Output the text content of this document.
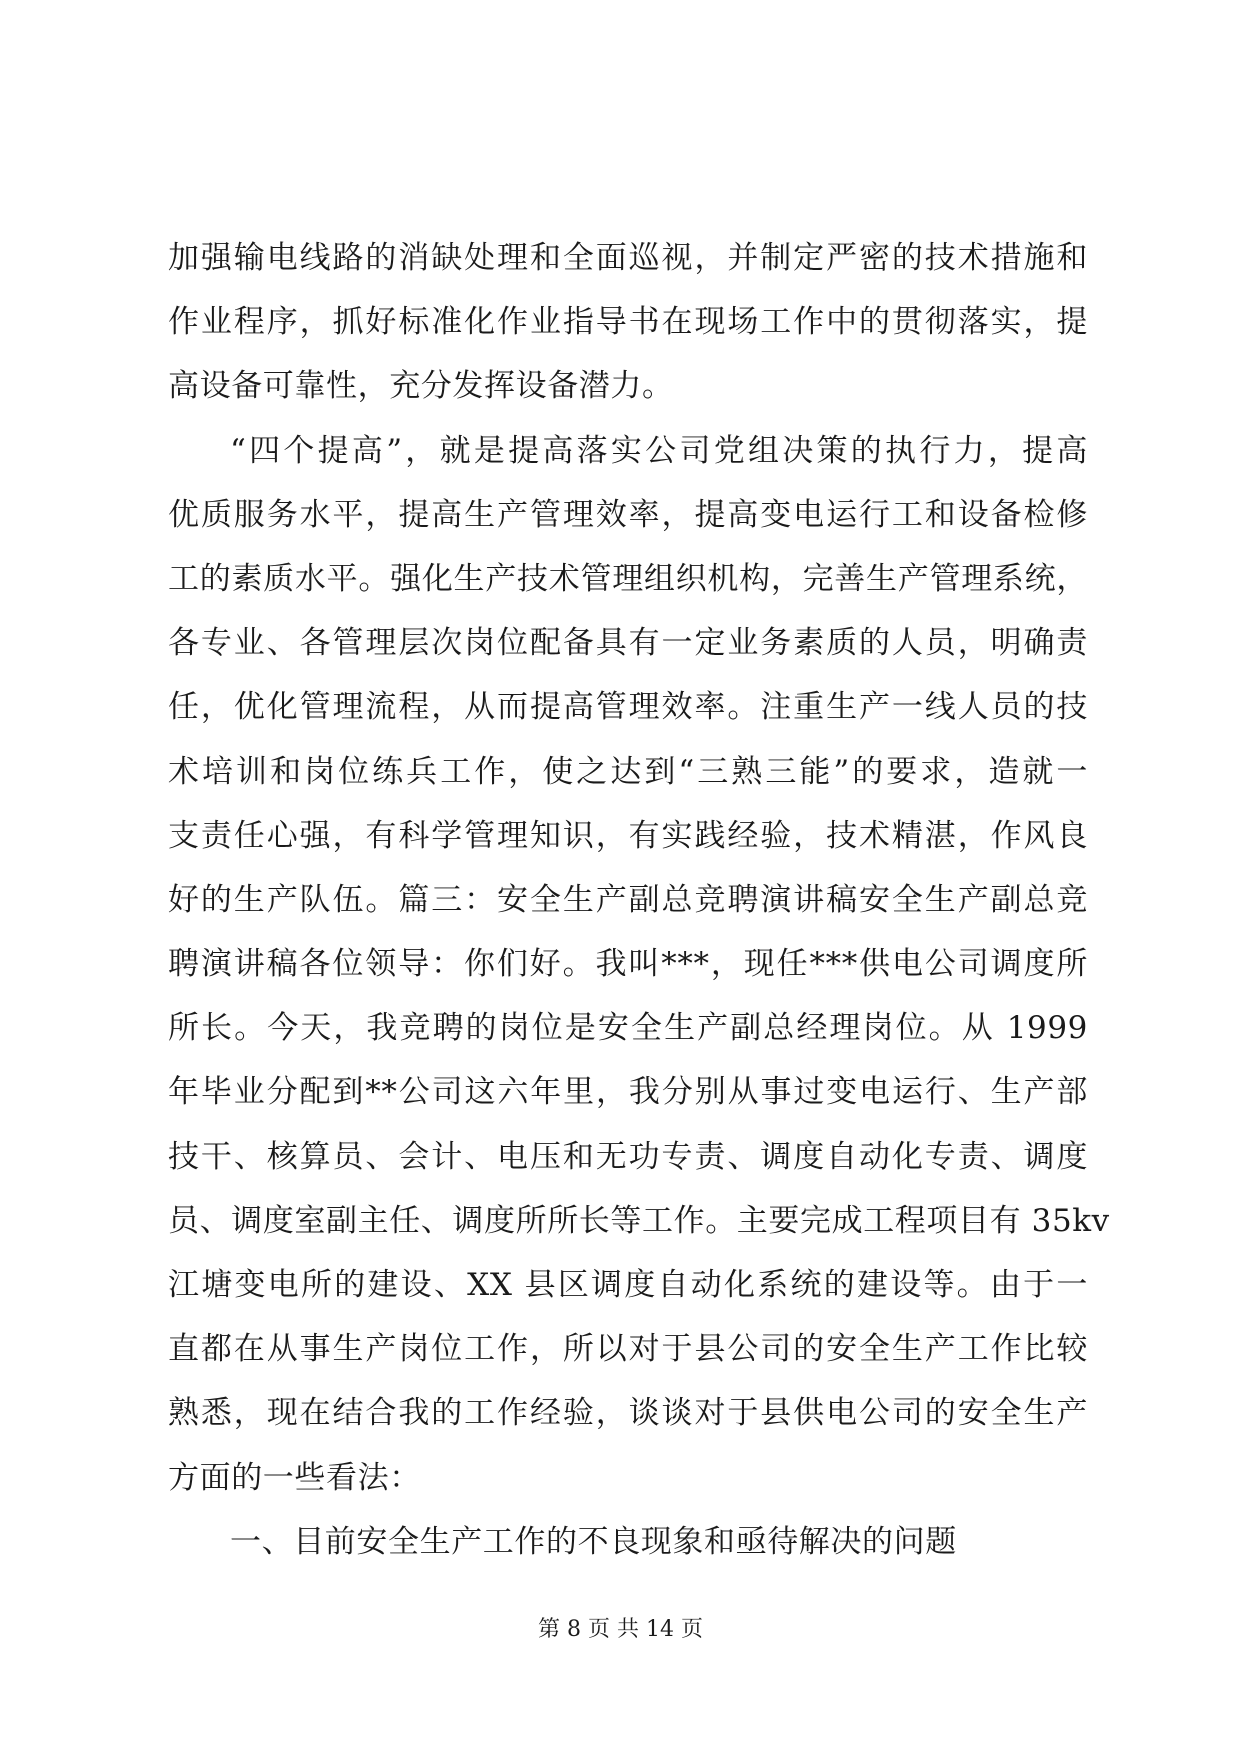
加强输电线路的消缺处理和全面巡视，并制定严密的技术措施和
作业程序，抓好标准化作业指导书在现场工作中的贯彻落实，提
高设备可靠性，充分发挥设备潜力。
“四个提高”，就是提高落实公司党组决策的执行力，提高
优质服务水平，提高生产管理效率，提高变电运行工和设备检修
工的素质水平。强化生产技术管理组织机构，完善生产管理系统，
各专业、各管理层次岗位配备具有一定业务素质的人员，明确责
任，优化管理流程，从而提高管理效率。注重生产一线人员的技
术培训和岗位练兵工作，使之达到“三熟三能”的要求，造就一
支责任心强，有科学管理知识，有实践经验，技术精湛，作风良
好的生产队伍。篇三：安全生产副总竞聘演讲稿安全生产副总竞
聘演讲稿各位领导：你们好。我叫***，现任***供电公司调度所
所长。今天，我竞聘的岗位是安全生产副总经理岗位。从 1999
年毕业分配到**公司这六年里，我分别从事过变电运行、生产部
技干、核算员、会计、电压和无功专责、调度自动化专责、调度
员、调度室副主任、调度所所长等工作。主要完成工程项目有 35kv
江塘变电所的建设、XX 县区调度自动化系统的建设等。由于一
直都在从事生产岗位工作，所以对于县公司的安全生产工作比较
熟悉，现在结合我的工作经验，谈谈对于县供电公司的安全生产
方面的一些看法：
一、目前安全生产工作的不良现象和亟待解决的问题
第 8 页 共 14 页
